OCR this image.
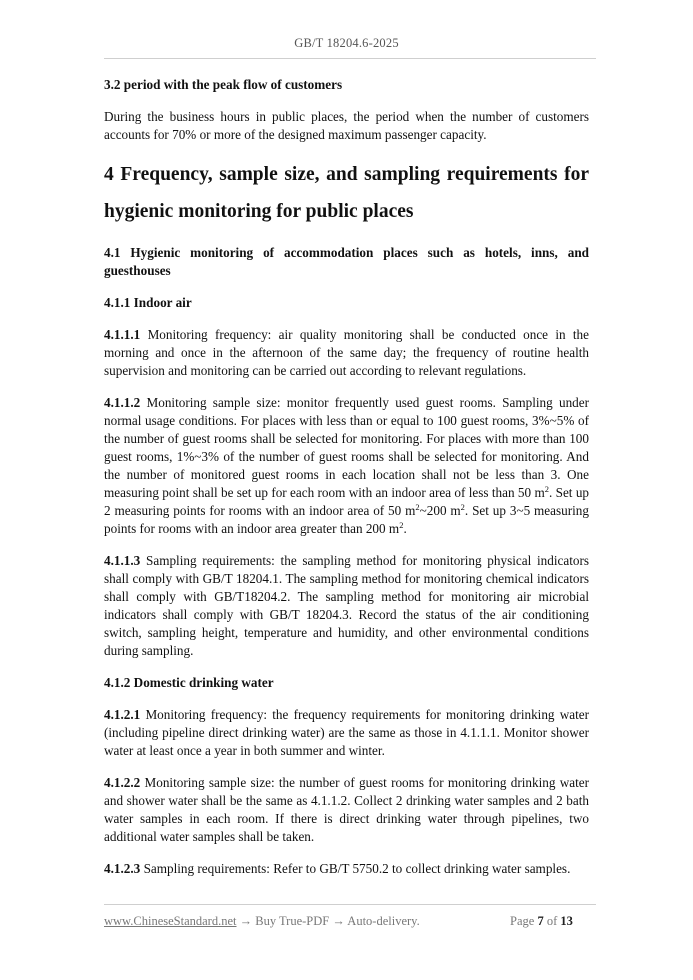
GB/T 18204.6-2025

3.2 period with the peak flow of customers

During the business hours in public places, the period when the number of customers accounts for 70% or more of the designed maximum passenger capacity.

4 Frequency, sample size, and sampling requirements for hygienic monitoring for public places

4.1 Hygienic monitoring of accommodation places such as hotels, inns, and guesthouses

4.1.1 Indoor air

4.1.1.1 Monitoring frequency: air quality monitoring shall be conducted once in the morning and once in the afternoon of the same day; the frequency of routine health supervision and monitoring can be carried out according to relevant regulations.

4.1.1.2 Monitoring sample size: monitor frequently used guest rooms. Sampling under normal usage conditions. For places with less than or equal to 100 guest rooms, 3%~5% of the number of guest rooms shall be selected for monitoring. For places with more than 100 guest rooms, 1%~3% of the number of guest rooms shall be selected for monitoring. And the number of monitored guest rooms in each location shall not be less than 3. One measuring point shall be set up for each room with an indoor area of less than 50 $m^2$. Set up 2 measuring points for rooms with an indoor area of 50 $m^2\sim 200$ $m^2$. Set up 3~5 measuring points for rooms with an indoor area greater than 200 $m^2$.

4.1.1.3 Sampling requirements: the sampling method for monitoring physical indicators shall comply with GB/T 18204.1. The sampling method for monitoring chemical indicators shall comply with GB/T18204.2. The sampling method for monitoring air microbial indicators shall comply with GB/T 18204.3. Record the status of the air conditioning switch, sampling height, temperature and humidity, and other environmental conditions during sampling.

4.1.2 Domestic drinking water

4.1.2.1 Monitoring frequency: the frequency requirements for monitoring drinking water (including pipeline direct drinking water) are the same as those in 4.1.1.1. Monitor shower water at least once a year in both summer and winter.

4.1.2.2 Monitoring sample size: the number of guest rooms for monitoring drinking water and shower water shall be the same as 4.1.1.2. Collect 2 drinking water samples and 2 bath water samples in each room. If there is direct drinking water through pipelines, two additional water samples shall be taken.

4.1.2.3 Sampling requirements: Refer to GB/T 5750.2 to collect drinking water samples.

www.ChineseStandard.net → Buy True-PDF → Auto-delivery.	Page 7 of 13
